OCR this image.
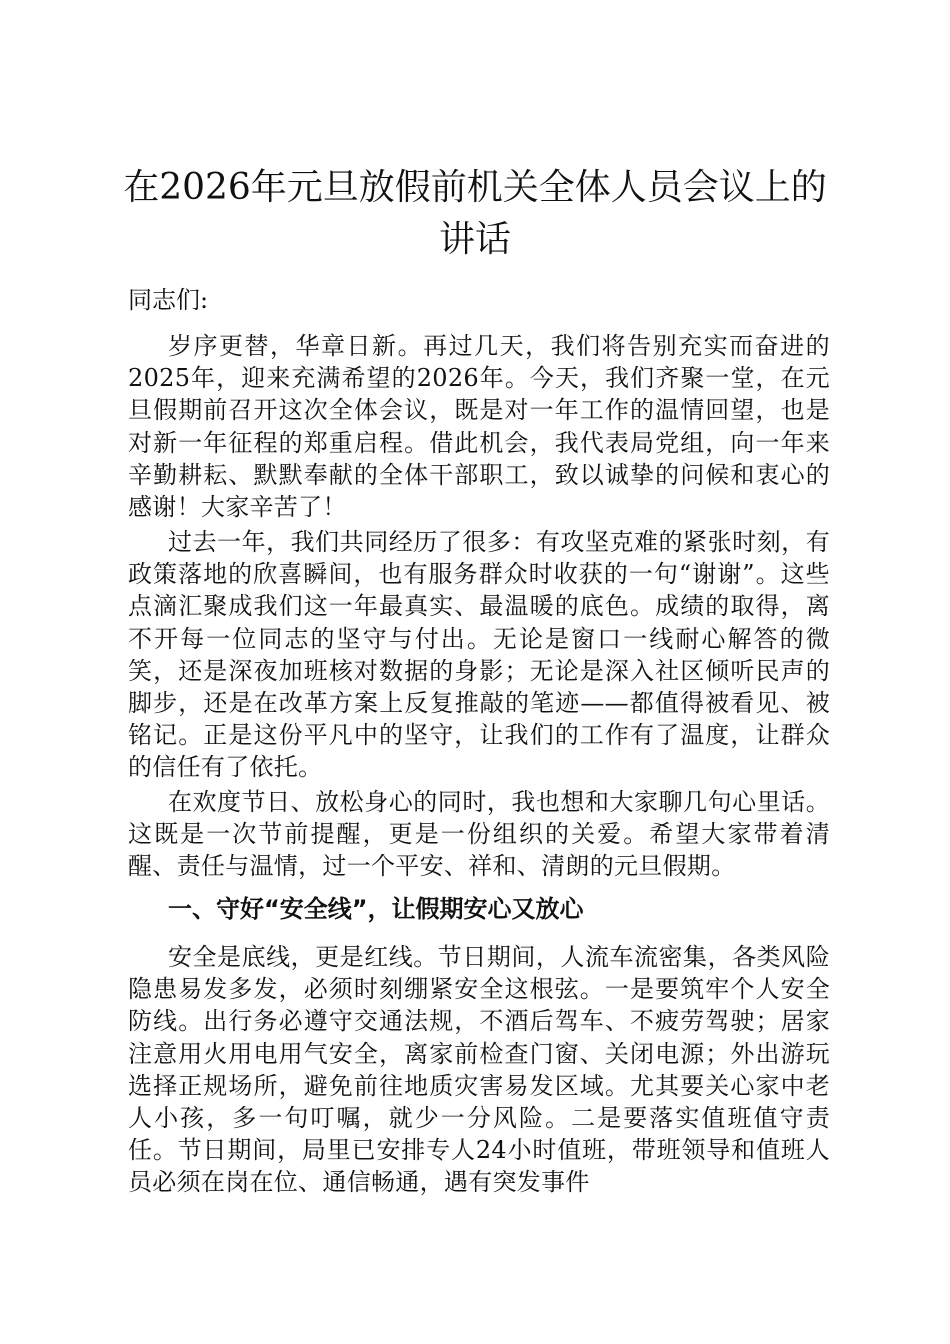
在2026年元旦放假前机关全体人员会议上的讲话

同志们:

岁序更替，华章日新。再过几天，我们将告别充实而奋进的2025年，迎来充满希望的2026年。今天，我们齐聚一堂，在元旦假期前召开这次全体会议，既是对一年工作的温情回望，也是对新一年征程的郑重启程。借此机会，我代表局党组，向一年来辛勤耕耘、默默奉献的全体干部职工，致以诚挚的问候和衷心的感谢！大家辛苦了！

过去一年，我们共同经历了很多：有攻坚克难的紧张时刻，有政策落地的欣喜瞬间，也有服务群众时收获的一句“谢谢”。这些点滴汇聚成我们这一年最真实、最温暖的底色。成绩的取得，离不开每一位同志的坚守与付出。无论是窗口一线耐心解答的微笑，还是深夜加班核对数据的身影；无论是深入社区倾听民声的脚步，还是在改革方案上反复推敲的笔迹——都值得被看见、被铭记。正是这份平凡中的坚守，让我们的工作有了温度，让群众的信任有了依托。

在欢度节日、放松身心的同时，我也想和大家聊几句心里话。这既是一次节前提醒，更是一份组织的关爱。希望大家带着清醒、责任与温情，过一个平安、祥和、清朗的元旦假期。

一、守好“安全线”，让假期安心又放心

安全是底线，更是红线。节日期间，人流车流密集，各类风险隐患易发多发，必须时刻绷紧安全这根弦。一是要筑牢个人安全防线。出行务必遵守交通法规，不酒后驾车、不疲劳驾驶；居家注意用火用电用气安全，离家前检查门窗、关闭电源；外出游玩选择正规场所，避免前往地质灾害易发区域。尤其要关心家中老人小孩，多一句叮嘱，就少一分风险。二是要落实值班值守责任。节日期间，局里已安排专人24小时值班，带班领导和值班人员必须在岗在位、通信畅通，遇有突发事件
